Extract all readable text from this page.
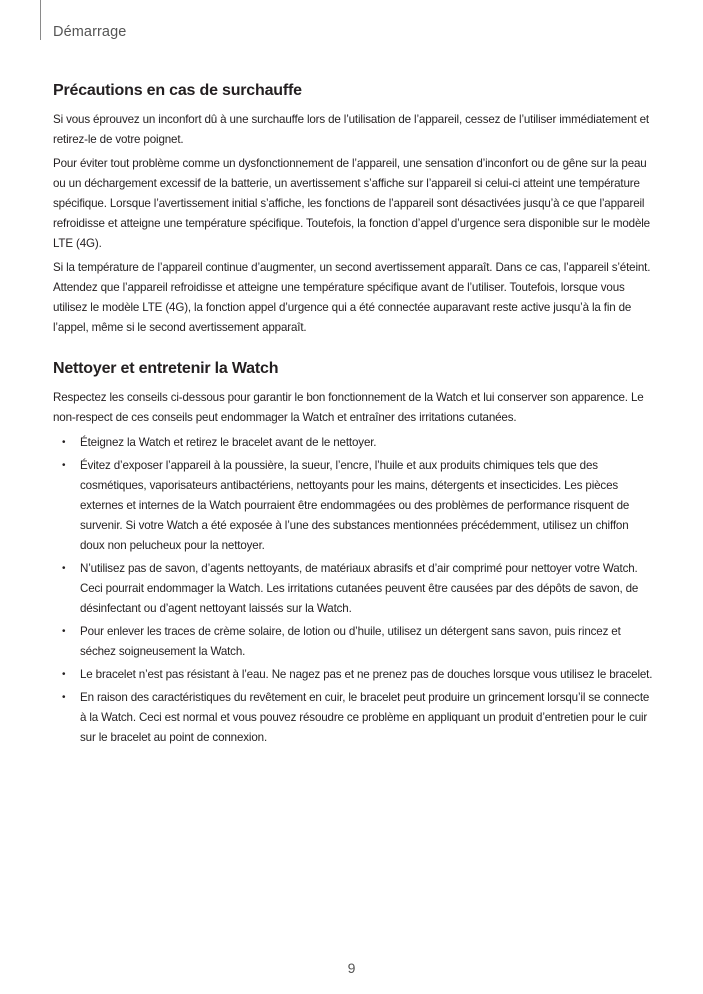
Démarrage
Précautions en cas de surchauffe

Si vous éprouvez un inconfort dû à une surchauffe lors de l’utilisation de l’appareil, cessez de l’utiliser immédiatement et retirez-le de votre poignet.

Pour éviter tout problème comme un dysfonctionnement de l’appareil, une sensation d’inconfort ou de gêne sur la peau ou un déchargement excessif de la batterie, un avertissement s’affiche sur l’appareil si celui-ci atteint une température spécifique. Lorsque l’avertissement initial s’affiche, les fonctions de l’appareil sont désactivées jusqu’à ce que l’appareil refroidisse et atteigne une température spécifique. Toutefois, la fonction d’appel d’urgence sera disponible sur le modèle LTE (4G).

Si la température de l’appareil continue d’augmenter, un second avertissement apparaît. Dans ce cas, l’appareil s’éteint. Attendez que l’appareil refroidisse et atteigne une température spécifique avant de l’utiliser. Toutefois, lorsque vous utilisez le modèle LTE (4G), la fonction appel d’urgence qui a été connectée auparavant reste active jusqu’à la fin de l’appel, même si le second avertissement apparaît.

Nettoyer et entretenir la Watch

Respectez les conseils ci-dessous pour garantir le bon fonctionnement de la Watch et lui conserver son apparence. Le non-respect de ces conseils peut endommager la Watch et entraîner des irritations cutanées.

• Éteignez la Watch et retirez le bracelet avant de le nettoyer.
• Évitez d’exposer l’appareil à la poussière, la sueur, l’encre, l’huile et aux produits chimiques tels que des cosmétiques, vaporisateurs antibactériens, nettoyants pour les mains, détergents et insecticides. Les pièces externes et internes de la Watch pourraient être endommagées ou des problèmes de performance risquent de survenir. Si votre Watch a été exposée à l’une des substances mentionnées précédemment, utilisez un chiffon doux non pelucheux pour la nettoyer.
• N’utilisez pas de savon, d’agents nettoyants, de matériaux abrasifs et d’air comprimé pour nettoyer votre Watch. Ceci pourrait endommager la Watch. Les irritations cutanées peuvent être causées par des dépôts de savon, de désinfectant ou d’agent nettoyant laissés sur la Watch.
• Pour enlever les traces de crème solaire, de lotion ou d’huile, utilisez un détergent sans savon, puis rincez et séchez soigneusement la Watch.
• Le bracelet n’est pas résistant à l’eau. Ne nagez pas et ne prenez pas de douches lorsque vous utilisez le bracelet.
• En raison des caractéristiques du revêtement en cuir, le bracelet peut produire un grincement lorsqu’il se connecte à la Watch. Ceci est normal et vous pouvez résoudre ce problème en appliquant un produit d’entretien pour le cuir sur le bracelet au point de connexion.
9
